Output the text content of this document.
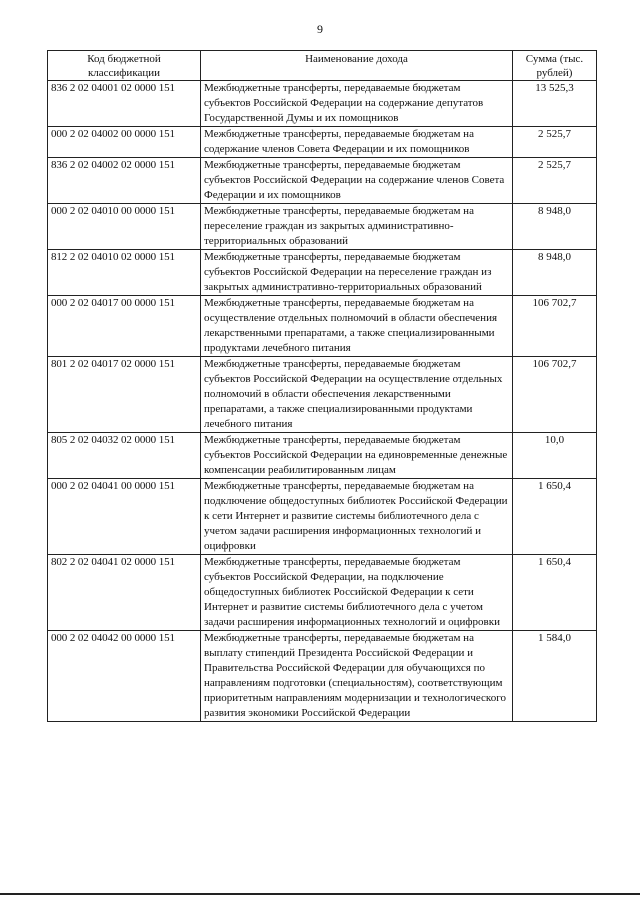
9
Код бюджетной классификации	Наименование дохода	Сумма (тыс. рублей)
836 2 02 04001 02 0000 151	Межбюджетные трансферты, передаваемые бюджетам субъектов Российской Федерации на содержание депутатов Государственной Думы и их помощников	13 525,3
000 2 02 04002 00 0000 151	Межбюджетные трансферты, передаваемые бюджетам на содержание членов Совета Федерации и их помощников	2 525,7
836 2 02 04002 02 0000 151	Межбюджетные трансферты, передаваемые бюджетам субъектов Российской Федерации на содержание членов Совета Федерации и их помощников	2 525,7
000 2 02 04010 00 0000 151	Межбюджетные трансферты, передаваемые бюджетам на переселение граждан из закрытых административно-территориальных образований	8 948,0
812 2 02 04010 02 0000 151	Межбюджетные трансферты, передаваемые бюджетам субъектов Российской Федерации на переселение граждан из закрытых административно-территориальных образований	8 948,0
000 2 02 04017 00 0000 151	Межбюджетные трансферты, передаваемые бюджетам на осуществление отдельных полномочий в области обеспечения лекарственными препаратами, а также специализированными продуктами лечебного питания	106 702,7
801 2 02 04017 02 0000 151	Межбюджетные трансферты, передаваемые бюджетам субъектов Российской Федерации на осуществление отдельных полномочий в области обеспечения лекарственными препаратами, а также специализированными продуктами лечебного питания	106 702,7
805 2 02 04032 02 0000 151	Межбюджетные трансферты, передаваемые бюджетам субъектов Российской Федерации на единовременные денежные компенсации реабилитированным лицам	10,0
000 2 02 04041 00 0000 151	Межбюджетные трансферты, передаваемые бюджетам на подключение общедоступных библиотек Российской Федерации к сети Интернет и развитие системы библиотечного дела с учетом задачи расширения информационных технологий и оцифровки	1 650,4
802 2 02 04041 02 0000 151	Межбюджетные трансферты, передаваемые бюджетам субъектов Российской Федерации, на подключение общедоступных библиотек Российской Федерации к сети Интернет и развитие системы библиотечного дела с учетом задачи расширения информационных технологий и оцифровки	1 650,4
000 2 02 04042 00 0000 151	Межбюджетные трансферты, передаваемые бюджетам на выплату стипендий Президента Российской Федерации и Правительства Российской Федерации для обучающихся по направлениям подготовки (специальностям), соответствующим приоритетным направлениям модернизации и технологического развития экономики Российской Федерации	1 584,0
